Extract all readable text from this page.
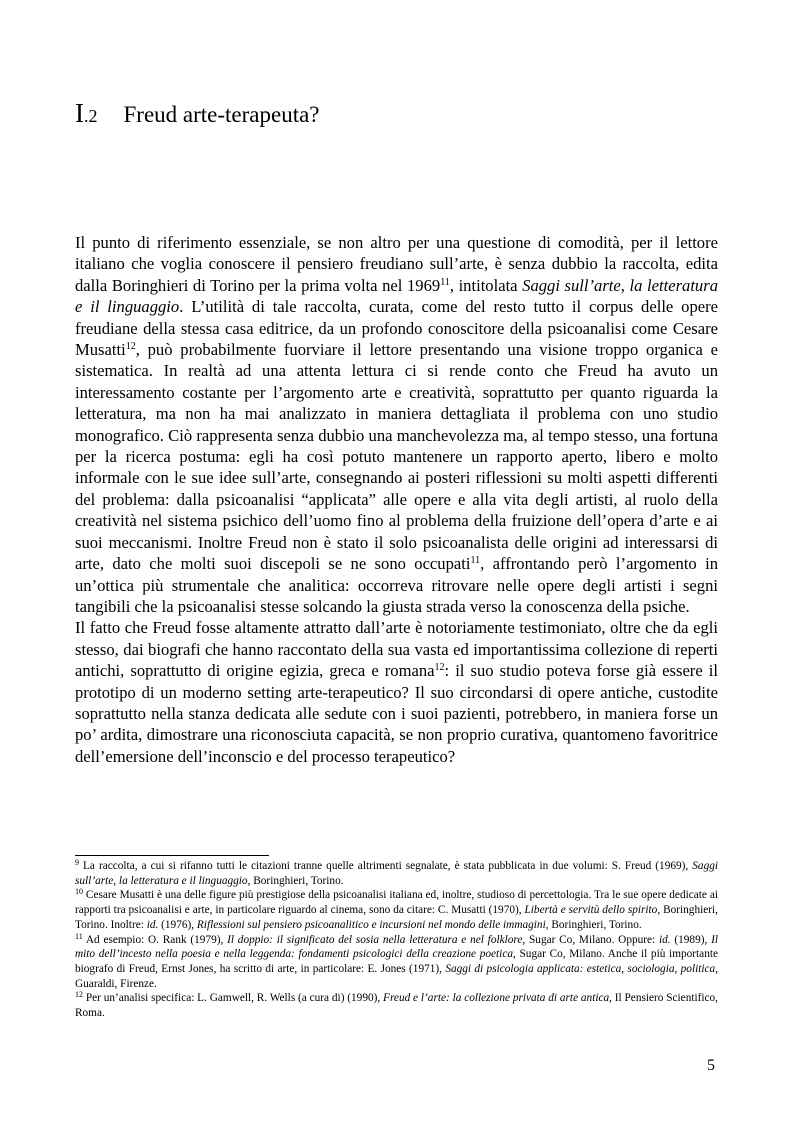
I.2 Freud arte-terapeuta?

Il punto di riferimento essenziale, se non altro per una questione di comodità, per il lettore italiano che voglia conoscere il pensiero freudiano sull’arte, è senza dubbio la raccolta, edita dalla Boringhieri di Torino per la prima volta nel 1969$^{11}$, intitolata Saggi sull’arte, la letteratura e il linguaggio. L’utilità di tale raccolta, curata, come del resto tutto il corpus delle opere freudiane della stessa casa editrice, da un profondo conoscitore della psicoanalisi come Cesare Musatti$^{12}$, può probabilmente fuorviare il lettore presentando una visione troppo organica e sistematica. In realtà ad una attenta lettura ci si rende conto che Freud ha avuto un interessamento costante per l’argomento arte e creatività, soprattutto per quanto riguarda la letteratura, ma non ha mai analizzato in maniera dettagliata il problema con uno studio monografico. Ciò rappresenta senza dubbio una manchevolezza ma, al tempo stesso, una fortuna per la ricerca postuma: egli ha così potuto mantenere un rapporto aperto, libero e molto informale con le sue idee sull’arte, consegnando ai posteri riflessioni su molti aspetti differenti del problema: dalla psicoanalisi “applicata” alle opere e alla vita degli artisti, al ruolo della creatività nel sistema psichico dell’uomo fino al problema della fruizione dell’opera d’arte e ai suoi meccanismi. Inoltre Freud non è stato il solo psicoanalista delle origini ad interessarsi di arte, dato che molti suoi discepoli se ne sono occupati$^{11}$, affrontando però l’argomento in un’ottica più strumentale che analitica: occorreva ritrovare nelle opere degli artisti i segni tangibili che la psicoanalisi stesse solcando la giusta strada verso la conoscenza della psiche.

Il fatto che Freud fosse altamente attratto dall’arte è notoriamente testimoniato, oltre che da egli stesso, dai biografi che hanno raccontato della sua vasta ed importantissima collezione di reperti antichi, soprattutto di origine egizia, greca e romana$^{12}$: il suo studio poteva forse già essere il prototipo di un moderno setting arte-terapeutico? Il suo circondarsi di opere antiche, custodite soprattutto nella stanza dedicata alle sedute con i suoi pazienti, potrebbero, in maniera forse un po’ ardita, dimostrare una riconosciuta capacità, se non proprio curativa, quantomeno favoritrice dell’emersione dell’inconscio e del processo terapeutico?

$^9$ La raccolta, a cui si rifanno tutti le citazioni tranne quelle altrimenti segnalate, è stata pubblicata in due volumi: S. Freud (1969), Saggi sull’arte, la letteratura e il linguaggio, Boringhieri, Torino.

$^{10}$ Cesare Musatti è una delle figure più prestigiose della psicoanalisi italiana ed, inoltre, studioso di percettologia. Tra le sue opere dedicate ai rapporti tra psicoanalisi e arte, in particolare riguardo al cinema, sono da citare: C. Musatti (1970), Libertà e servitù dello spirito, Boringhieri, Torino. Inoltre: id. (1976), Riflessioni sul pensiero psicoanalitico e incursioni nel mondo delle immagini, Boringhieri, Torino.

$^{11}$ Ad esempio: O. Rank (1979), Il doppio: il significato del sosia nella letteratura e nel folklore, Sugar Co, Milano. Oppure: id. (1989), Il mito dell’incesto nella poesia e nella leggenda: fondamenti psicologici della creazione poetica, Sugar Co, Milano. Anche il più importante biografo di Freud, Ernst Jones, ha scritto di arte, in particolare: E. Jones (1971), Saggi di psicologia applicata: estetica, sociologia, politica, Guaraldi, Firenze.

$^{12}$ Per un’analisi specifica: L. Gamwell, R. Wells (a cura di) (1990), Freud e l’arte: la collezione privata di arte antica, Il Pensiero Scientifico, Roma.

5
